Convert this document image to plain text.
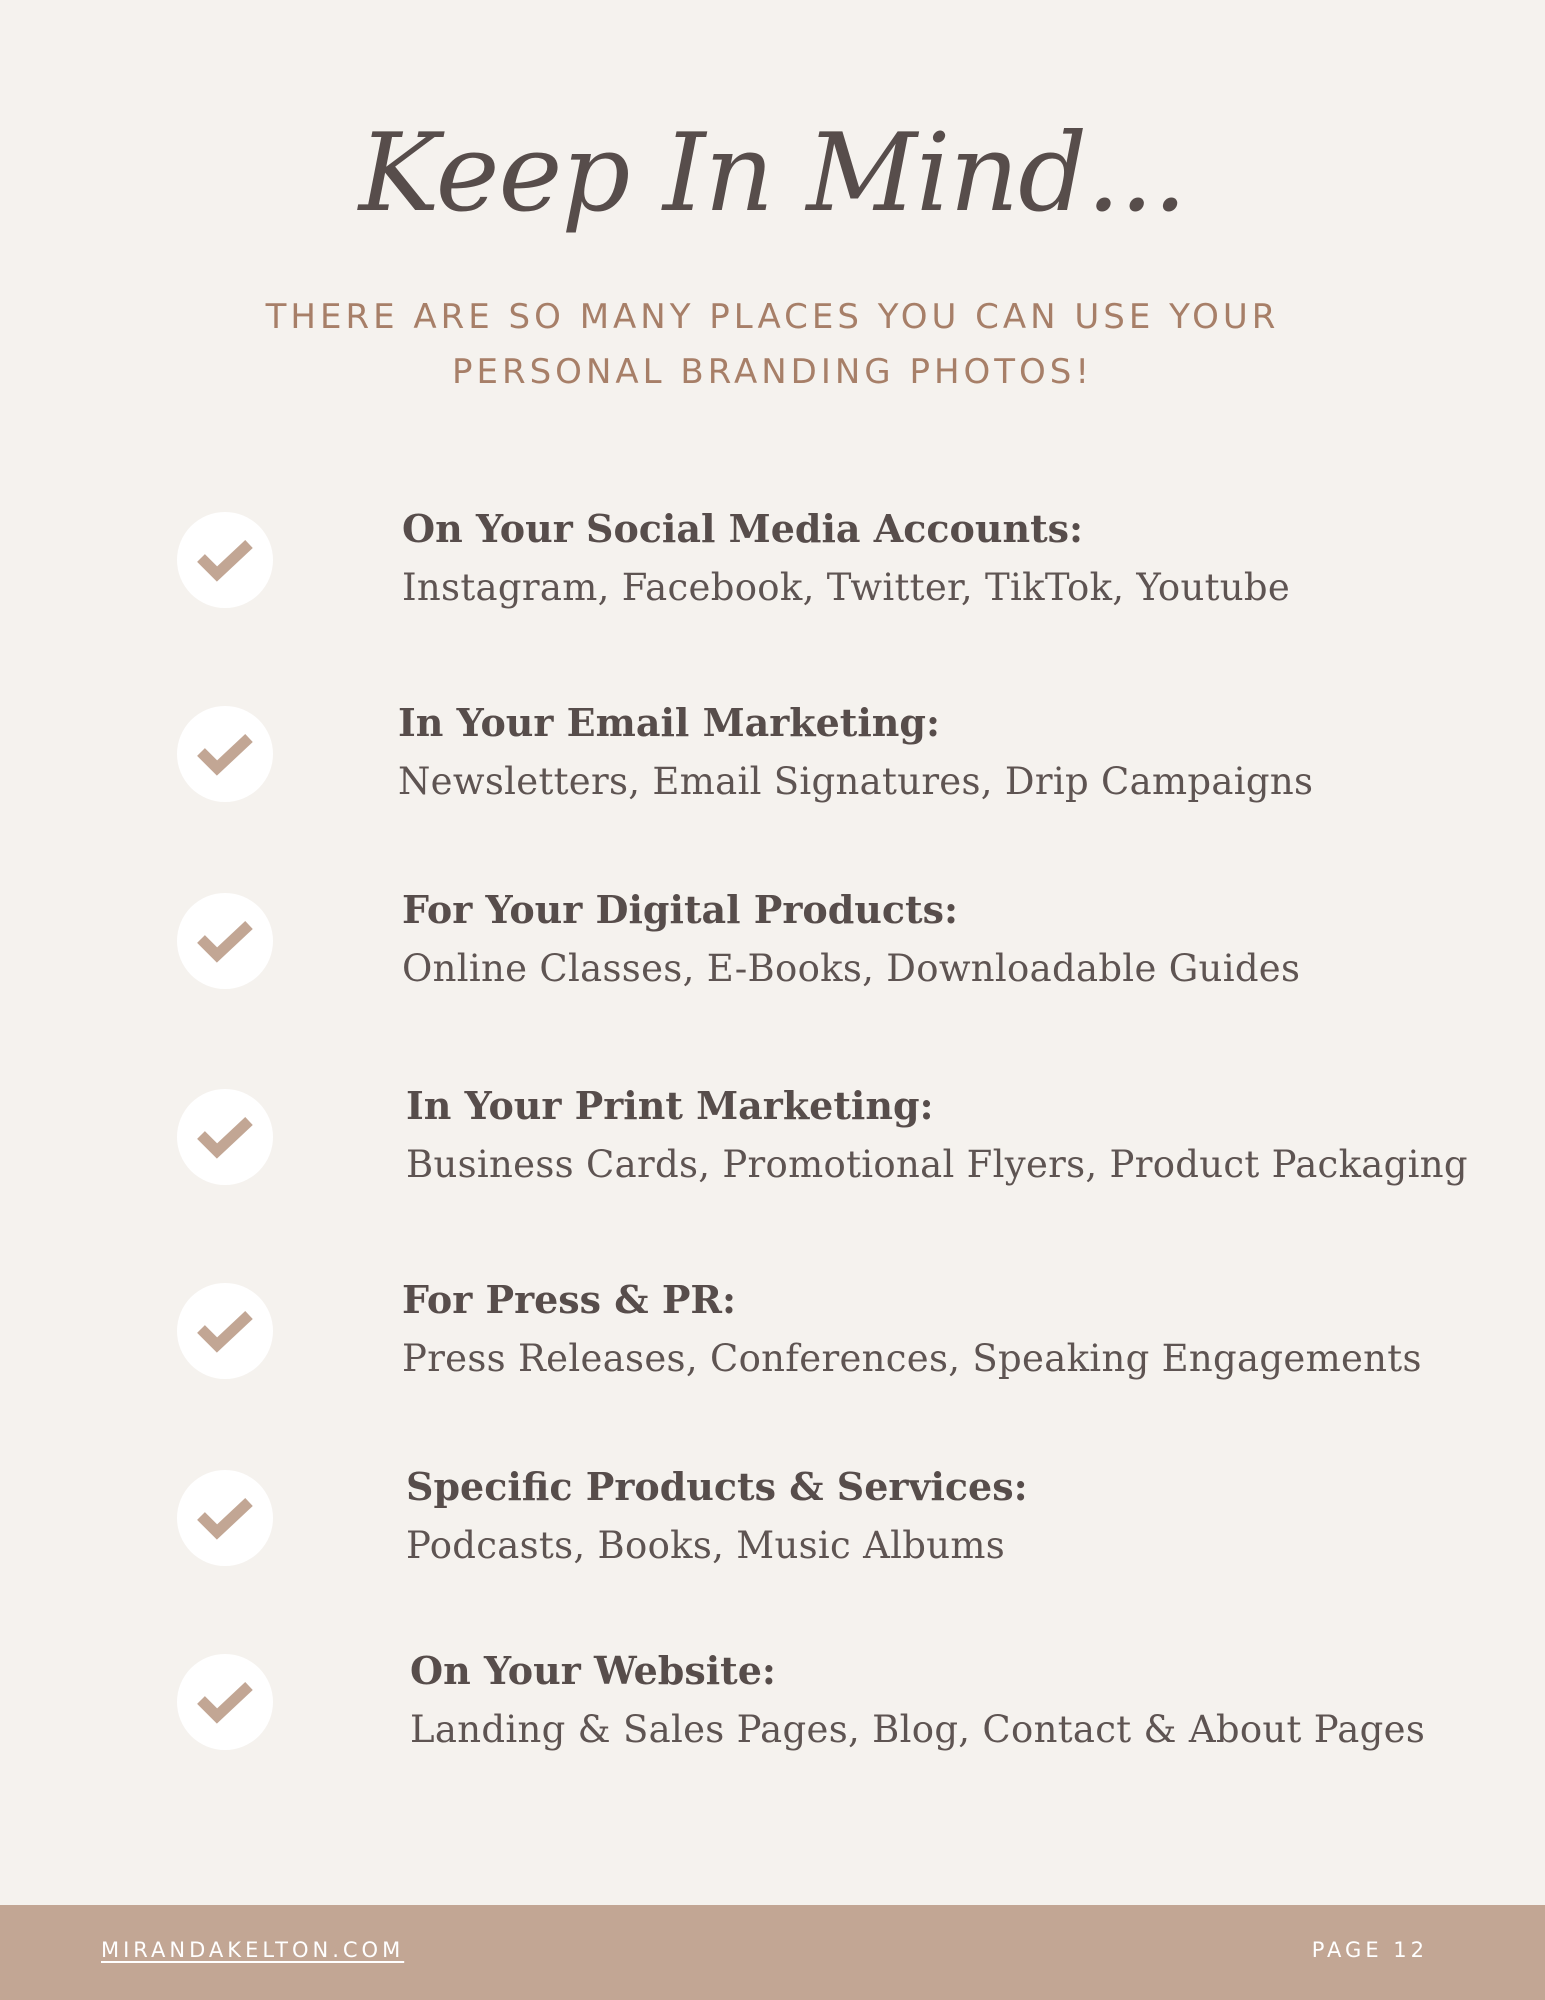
Keep In Mind...
THERE ARE SO MANY PLACES YOU CAN USE YOUR
PERSONAL BRANDING PHOTOS!
On Your Social Media Accounts:
Instagram, Facebook, Twitter, TikTok, Youtube
In Your Email Marketing:
Newsletters, Email Signatures, Drip Campaigns
For Your Digital Products:
Online Classes, E-Books, Downloadable Guides
In Your Print Marketing:
Business Cards, Promotional Flyers, Product Packaging
For Press & PR:
Press Releases, Conferences, Speaking Engagements
Specific Products & Services:
Podcasts, Books, Music Albums
On Your Website:
Landing & Sales Pages, Blog, Contact & About Pages
MIRANDAKELTON.COM	PAGE 12
